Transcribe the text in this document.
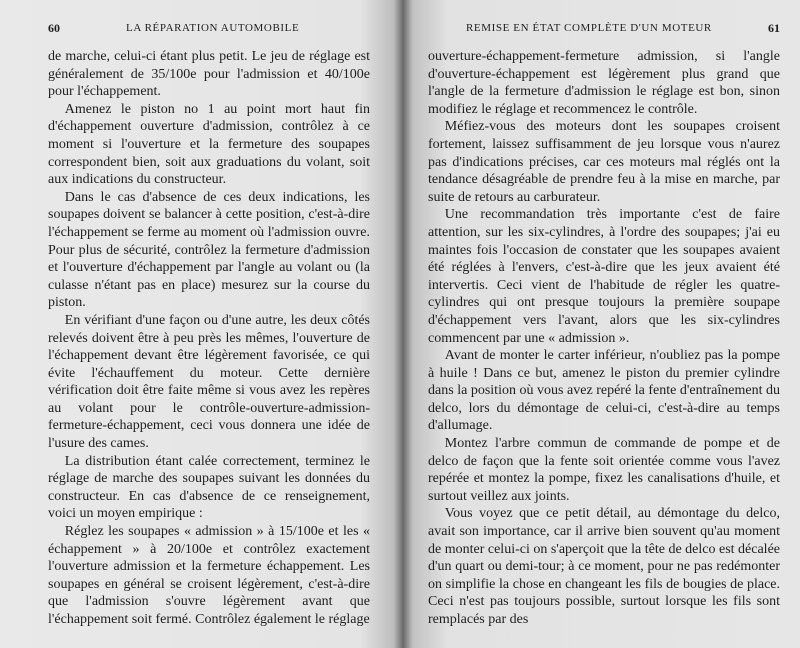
60	LA RÉPARATION AUTOMOBILE

de marche, celui-ci étant plus petit. Le jeu de réglage est généralement de 35/100e pour l'admission et 40/100e pour l'échappement.

Amenez le piston no 1 au point mort haut fin d'échappement ouverture d'admission, contrôlez à ce moment si l'ouverture et la fermeture des soupapes correspondent bien, soit aux graduations du volant, soit aux indications du constructeur.

Dans le cas d'absence de ces deux indications, les soupapes doivent se balancer à cette position, c'est-à-dire l'échappement se ferme au moment où l'admission ouvre. Pour plus de sécurité, contrôlez la fermeture d'admission et l'ouverture d'échappement par l'angle au volant ou (la culasse n'étant pas en place) mesurez sur la course du piston.

En vérifiant d'une façon ou d'une autre, les deux côtés relevés doivent être à peu près les mêmes, l'ouverture de l'échappement devant être légèrement favorisée, ce qui évite l'échauffement du moteur. Cette dernière vérification doit être faite même si vous avez les repères au volant pour le contrôle-ouverture-admission-fermeture-échappement, ceci vous donnera une idée de l'usure des cames.

La distribution étant calée correctement, terminez le réglage de marche des soupapes suivant les données du constructeur. En cas d'absence de ce renseignement, voici un moyen empirique :

Réglez les soupapes « admission » à 15/100e et les « échappement » à 20/100e et contrôlez exactement l'ouverture admission et la fermeture échappement. Les soupapes en général se croisent légèrement, c'est-à-dire que l'admission s'ouvre légèrement avant que l'échappement soit fermé. Contrôlez également le réglage

REMISE EN ÉTAT COMPLÈTE D'UN MOTEUR	61

ouverture-échappement-fermeture admission, si l'angle d'ouverture-échappement est légèrement plus grand que l'angle de la fermeture d'admission le réglage est bon, sinon modifiez le réglage et recommencez le contrôle.

Méfiez-vous des moteurs dont les soupapes croisent fortement, laissez suffisamment de jeu lorsque vous n'aurez pas d'indications précises, car ces moteurs mal réglés ont la tendance désagréable de prendre feu à la mise en marche, par suite de retours au carburateur.

Une recommandation très importante c'est de faire attention, sur les six-cylindres, à l'ordre des soupapes; j'ai eu maintes fois l'occasion de constater que les soupapes avaient été réglées à l'envers, c'est-à-dire que les jeux avaient été intervertis. Ceci vient de l'habitude de régler les quatre-cylindres qui ont presque toujours la première soupape d'échappement vers l'avant, alors que les six-cylindres commencent par une « admission ».

Avant de monter le carter inférieur, n'oubliez pas la pompe à huile ! Dans ce but, amenez le piston du premier cylindre dans la position où vous avez repéré la fente d'entraînement du delco, lors du démontage de celui-ci, c'est-à-dire au temps d'allumage.

Montez l'arbre commun de commande de pompe et de delco de façon que la fente soit orientée comme vous l'avez repérée et montez la pompe, fixez les canalisations d'huile, et surtout veillez aux joints.

Vous voyez que ce petit détail, au démontage du delco, avait son importance, car il arrive bien souvent qu'au moment de monter celui-ci on s'aperçoit que la tête de delco est décalée d'un quart ou demi-tour; à ce moment, pour ne pas redémonter on simplifie la chose en changeant les fils de bougies de place. Ceci n'est pas toujours possible, surtout lorsque les fils sont remplacés par des
